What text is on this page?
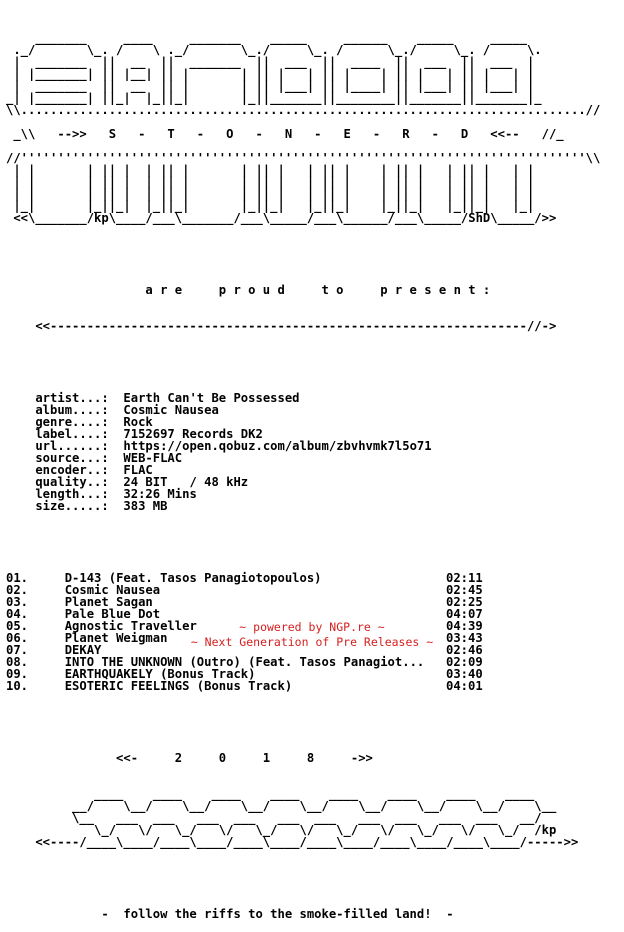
_______     ____     _______    _____     ______    _____     _____
._/       \_. /    \ ._/       \_./     \_. /      \_./     \_. /     \.
|  _______  ||  __  ||  _______  ||  ___  ||  ____  ||  ___  ||  ___  |
| |_______| || |__| || |       | || |   | || |    | || |   | || |   | |
|  _______  ||  __  || |       | || |___| || |____| || |___| || |___| |
_| |_______| ||_|  |_||_|       |_||_______||________||_______||_______|_
\\.............................................................................//
_\\   -->>   S   -   T   -   O   -   N   -   E   -   R   -   D   <<--   //_
//'''''''''''''''''''''''''''''''''''''''''''''''''''''''''''''''''''''''''''''\\
| |       | || |  | || |       | || |   | || |    | || |   | || |   | |
| |       | || |  | || |       | || |   | || |    | || |   | || |   | |
| |       | || |  | || |       | || |   | || |    | || |   | || |   | |
|_|       |_||_|  |_||_|       |_||_|   |_||_|    |_||_|   |_||_|   |_|
<<\_______/kp\____/___\_______/___\_____/___\______/___\_____/ShD\_____/>>

a r e     p r o u d     t o     p r e s e n t :

<<-----------------------------------------------------------------//->

artist...:  Earth Can't Be Possessed
album....:  Cosmic Nausea
genre....:  Rock
label....:  7152697 Records DK2
url......:  https://open.qobuz.com/album/zbvhvmk7l5o71
source...:  WEB-FLAC
encoder..:  FLAC
quality..:  24 BIT   / 48 kHz
length...:  32:26 Mins
size.....:  383 MB

01.	D-143 (Feat. Tasos Panagiotopoulos)	02:11
02.	Cosmic Nausea	02:45
03.	Planet Sagan	02:25
04.	Pale Blue Dot	04:07
05.	Agnostic Traveller	04:39
06.	Planet Weigman	03:43
07.	DEKAY	02:46
08.	INTO THE UNKNOWN (Outro) (Feat. Tasos Panagiot... 02:09
09.	EARTHQUAKELY (Bonus Track)	03:40
10.	ESOTERIC FEELINGS (Bonus Track)	04:01

<<-     2     0     1     8     ->>

____    ____    ____    ____    ____    ____    ____    ____
__/    \__/    \__/    \__/    \__/    \__/    \__/    \__/    \__
\__   ___  ___   ___  ___   ___  ___   ___  ___   ___  ___   __/
\_/   \/   \_/   \/   \_/   \/   \_/   \/   \_/   \/   \_/  /kp
<<----/____\____/____\____/____\____/____\____/____\____/____\____/----->>

-  follow the riffs to the smoke-filled land!  -

~ powered by NGP.re ~
~ Next Generation of Pre Releases ~
